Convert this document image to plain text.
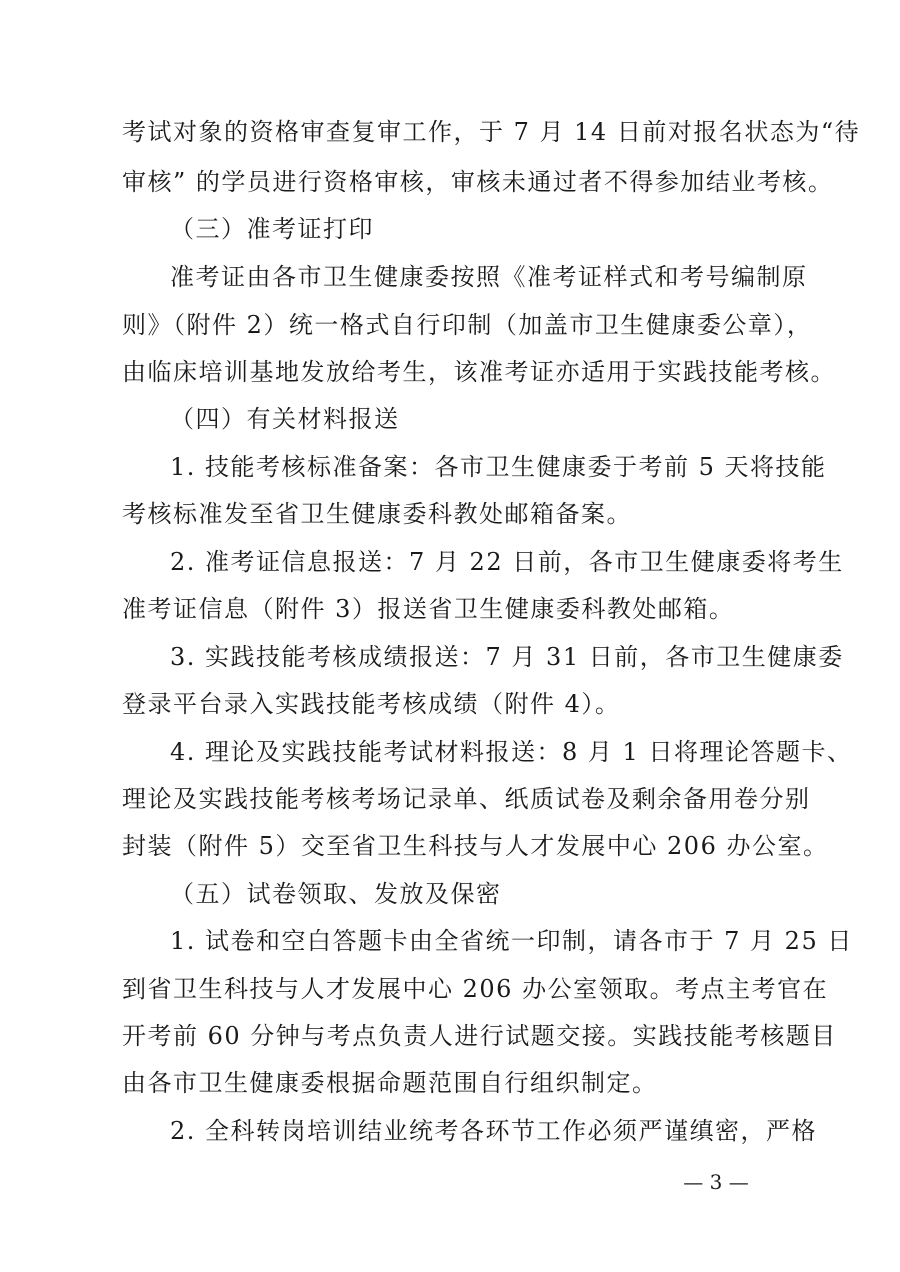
考试对象的资格审查复审工作，于 7 月 14 日前对报名状态为“待
审核” 的学员进行资格审核，审核未通过者不得参加结业考核。
（三）准考证打印
准考证由各市卫生健康委按照《准考证样式和考号编制原
则》（附件 2）统一格式自行印制（加盖市卫生健康委公章），
由临床培训基地发放给考生，该准考证亦适用于实践技能考核。
（四）有关材料报送
1. 技能考核标准备案：各市卫生健康委于考前 5 天将技能
考核标准发至省卫生健康委科教处邮箱备案。
2. 准考证信息报送：7 月 22 日前，各市卫生健康委将考生
准考证信息（附件 3）报送省卫生健康委科教处邮箱。
3. 实践技能考核成绩报送：7 月 31 日前，各市卫生健康委
登录平台录入实践技能考核成绩（附件 4）。
4. 理论及实践技能考试材料报送：8 月 1 日将理论答题卡、
理论及实践技能考核考场记录单、纸质试卷及剩余备用卷分别
封装（附件 5）交至省卫生科技与人才发展中心 206 办公室。
（五）试卷领取、发放及保密
1. 试卷和空白答题卡由全省统一印制，请各市于 7 月 25 日
到省卫生科技与人才发展中心 206 办公室领取。考点主考官在
开考前 60 分钟与考点负责人进行试题交接。实践技能考核题目
由各市卫生健康委根据命题范围自行组织制定。
2. 全科转岗培训结业统考各环节工作必须严谨缜密，严格
— 3 —
